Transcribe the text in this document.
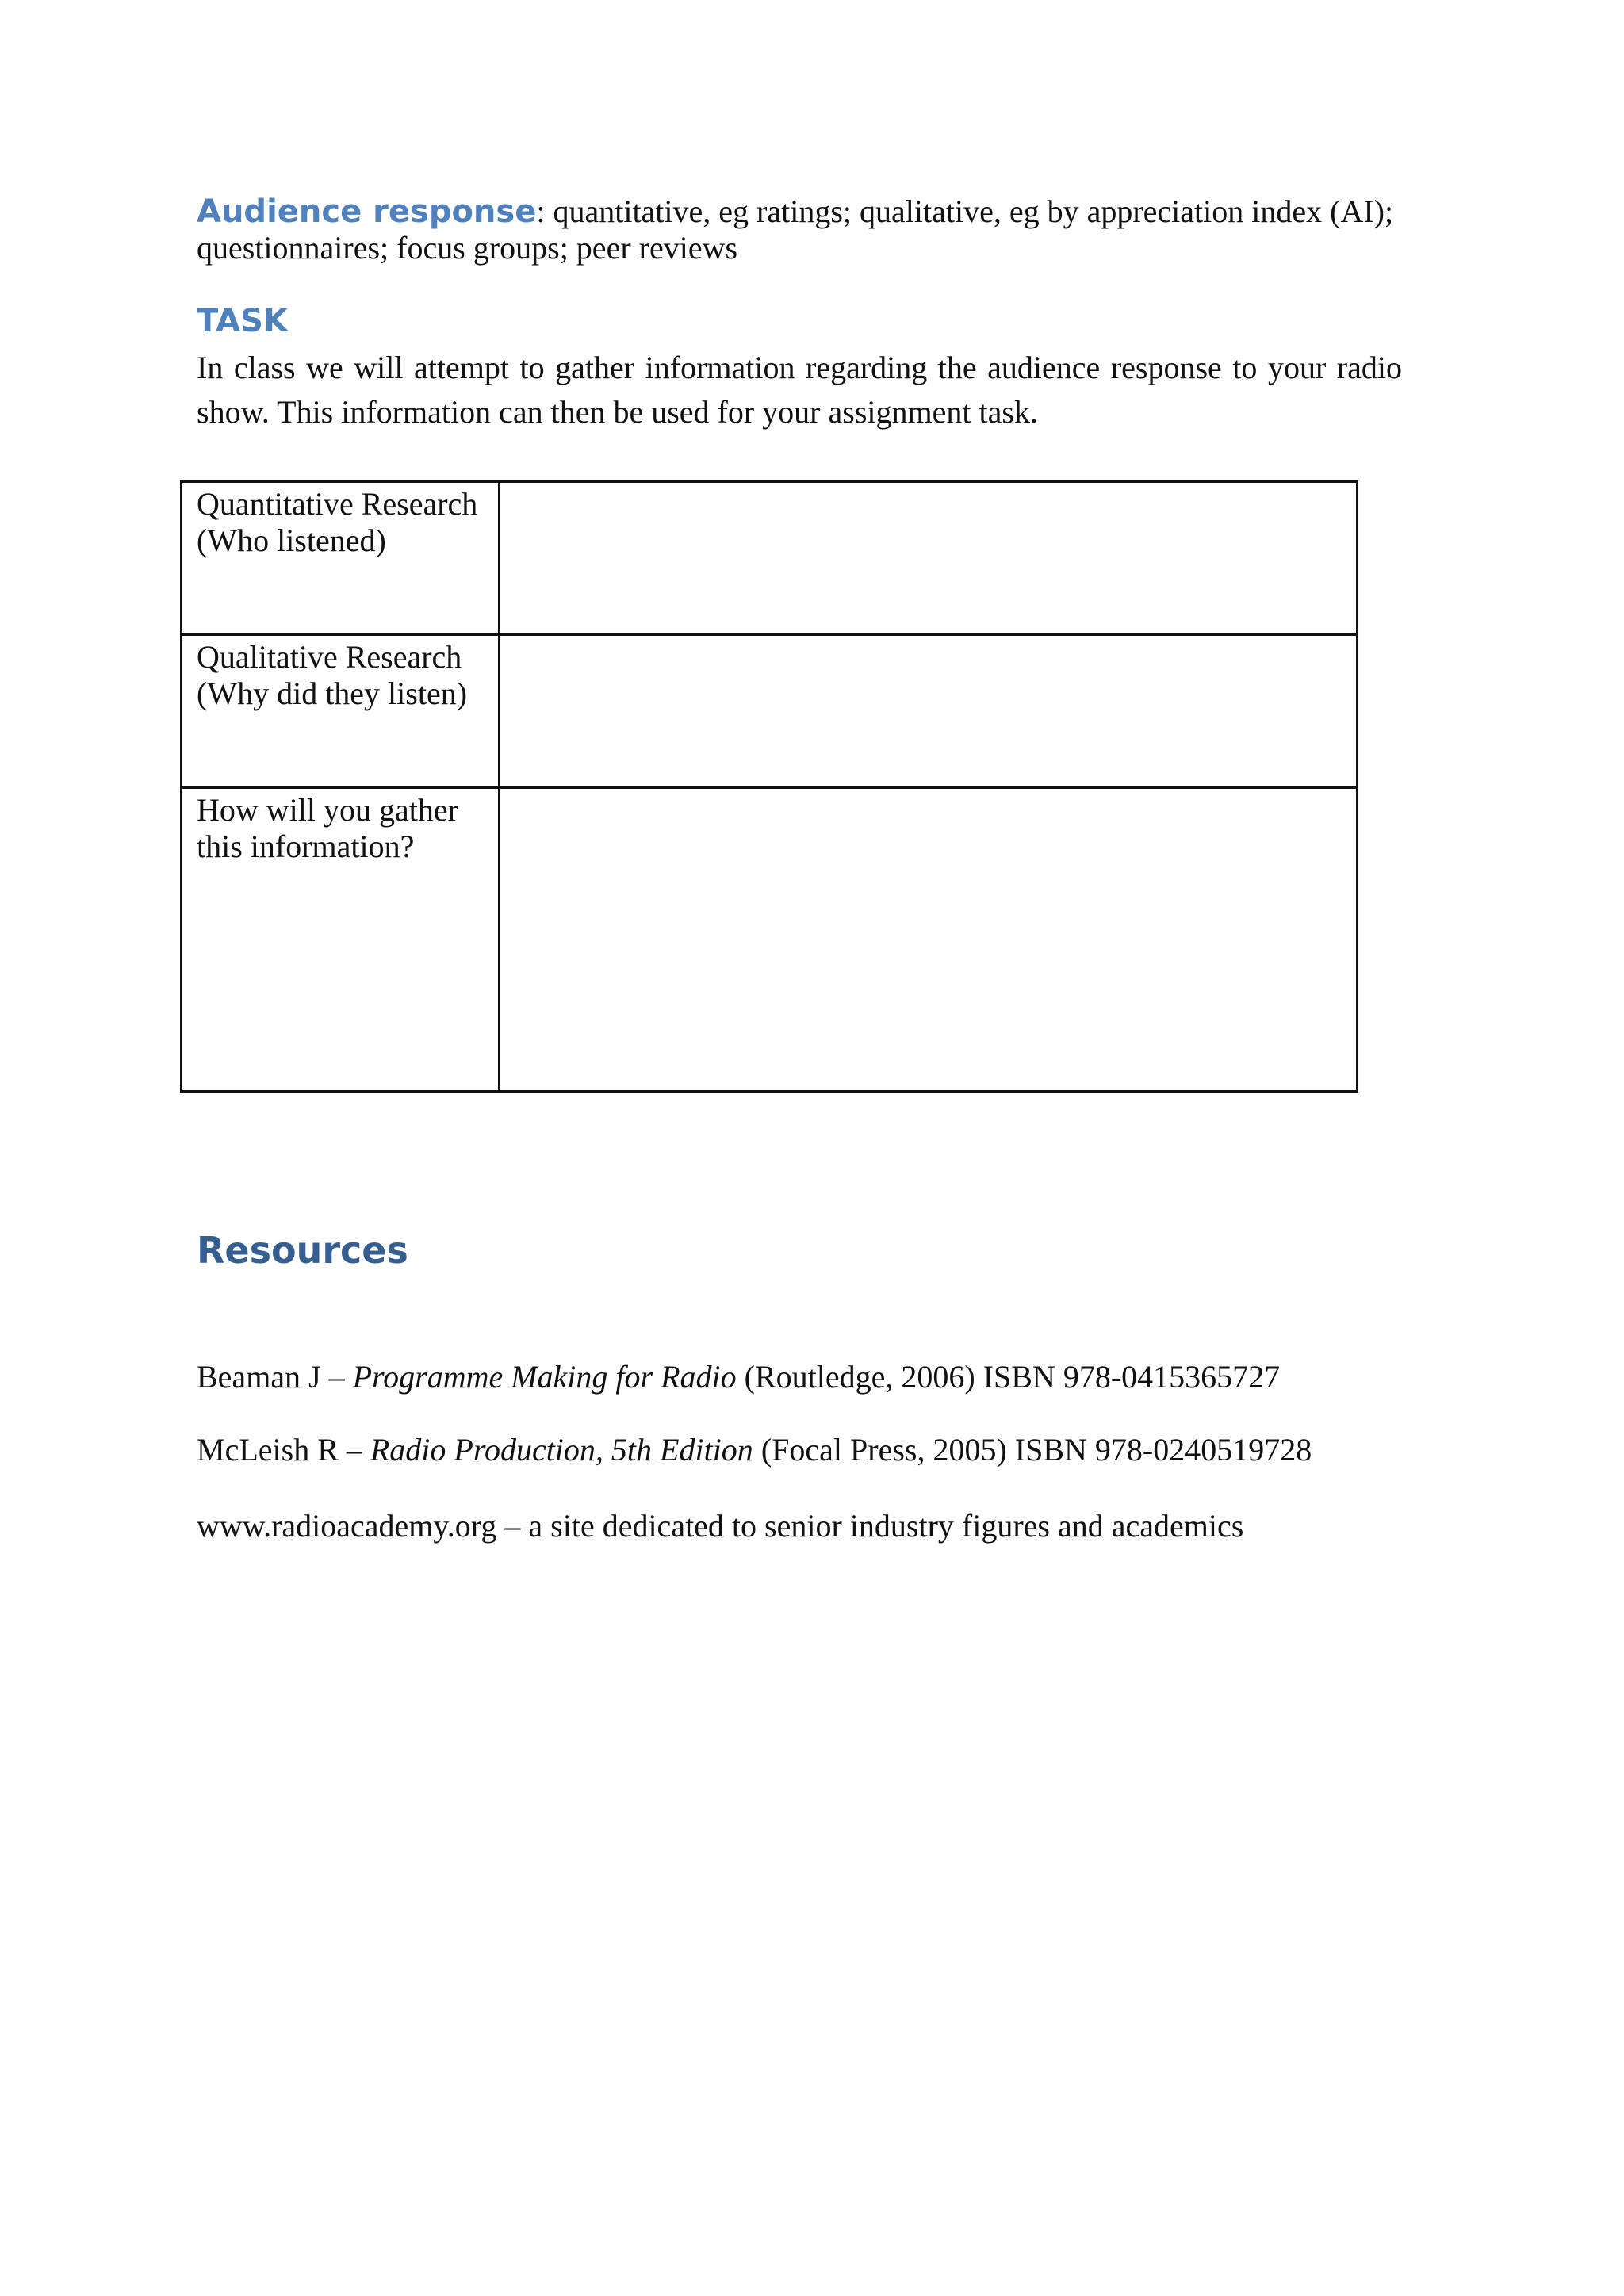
Audience response: quantitative, eg ratings; qualitative, eg by appreciation index (AI);
questionnaires; focus groups; peer reviews
TASK

In class we will attempt to gather information regarding the audience response to your radio show. This information can then be used for your assignment task.

Quantitative Research (Who listened)	
Qualitative Research (Why did they listen)	
How will you gather this information?	
Resources

Beaman J – Programme Making for Radio (Routledge, 2006) ISBN 978-0415365727

McLeish R – Radio Production, 5th Edition (Focal Press, 2005) ISBN 978-0240519728

www.radioacademy.org – a site dedicated to senior industry figures and academics
